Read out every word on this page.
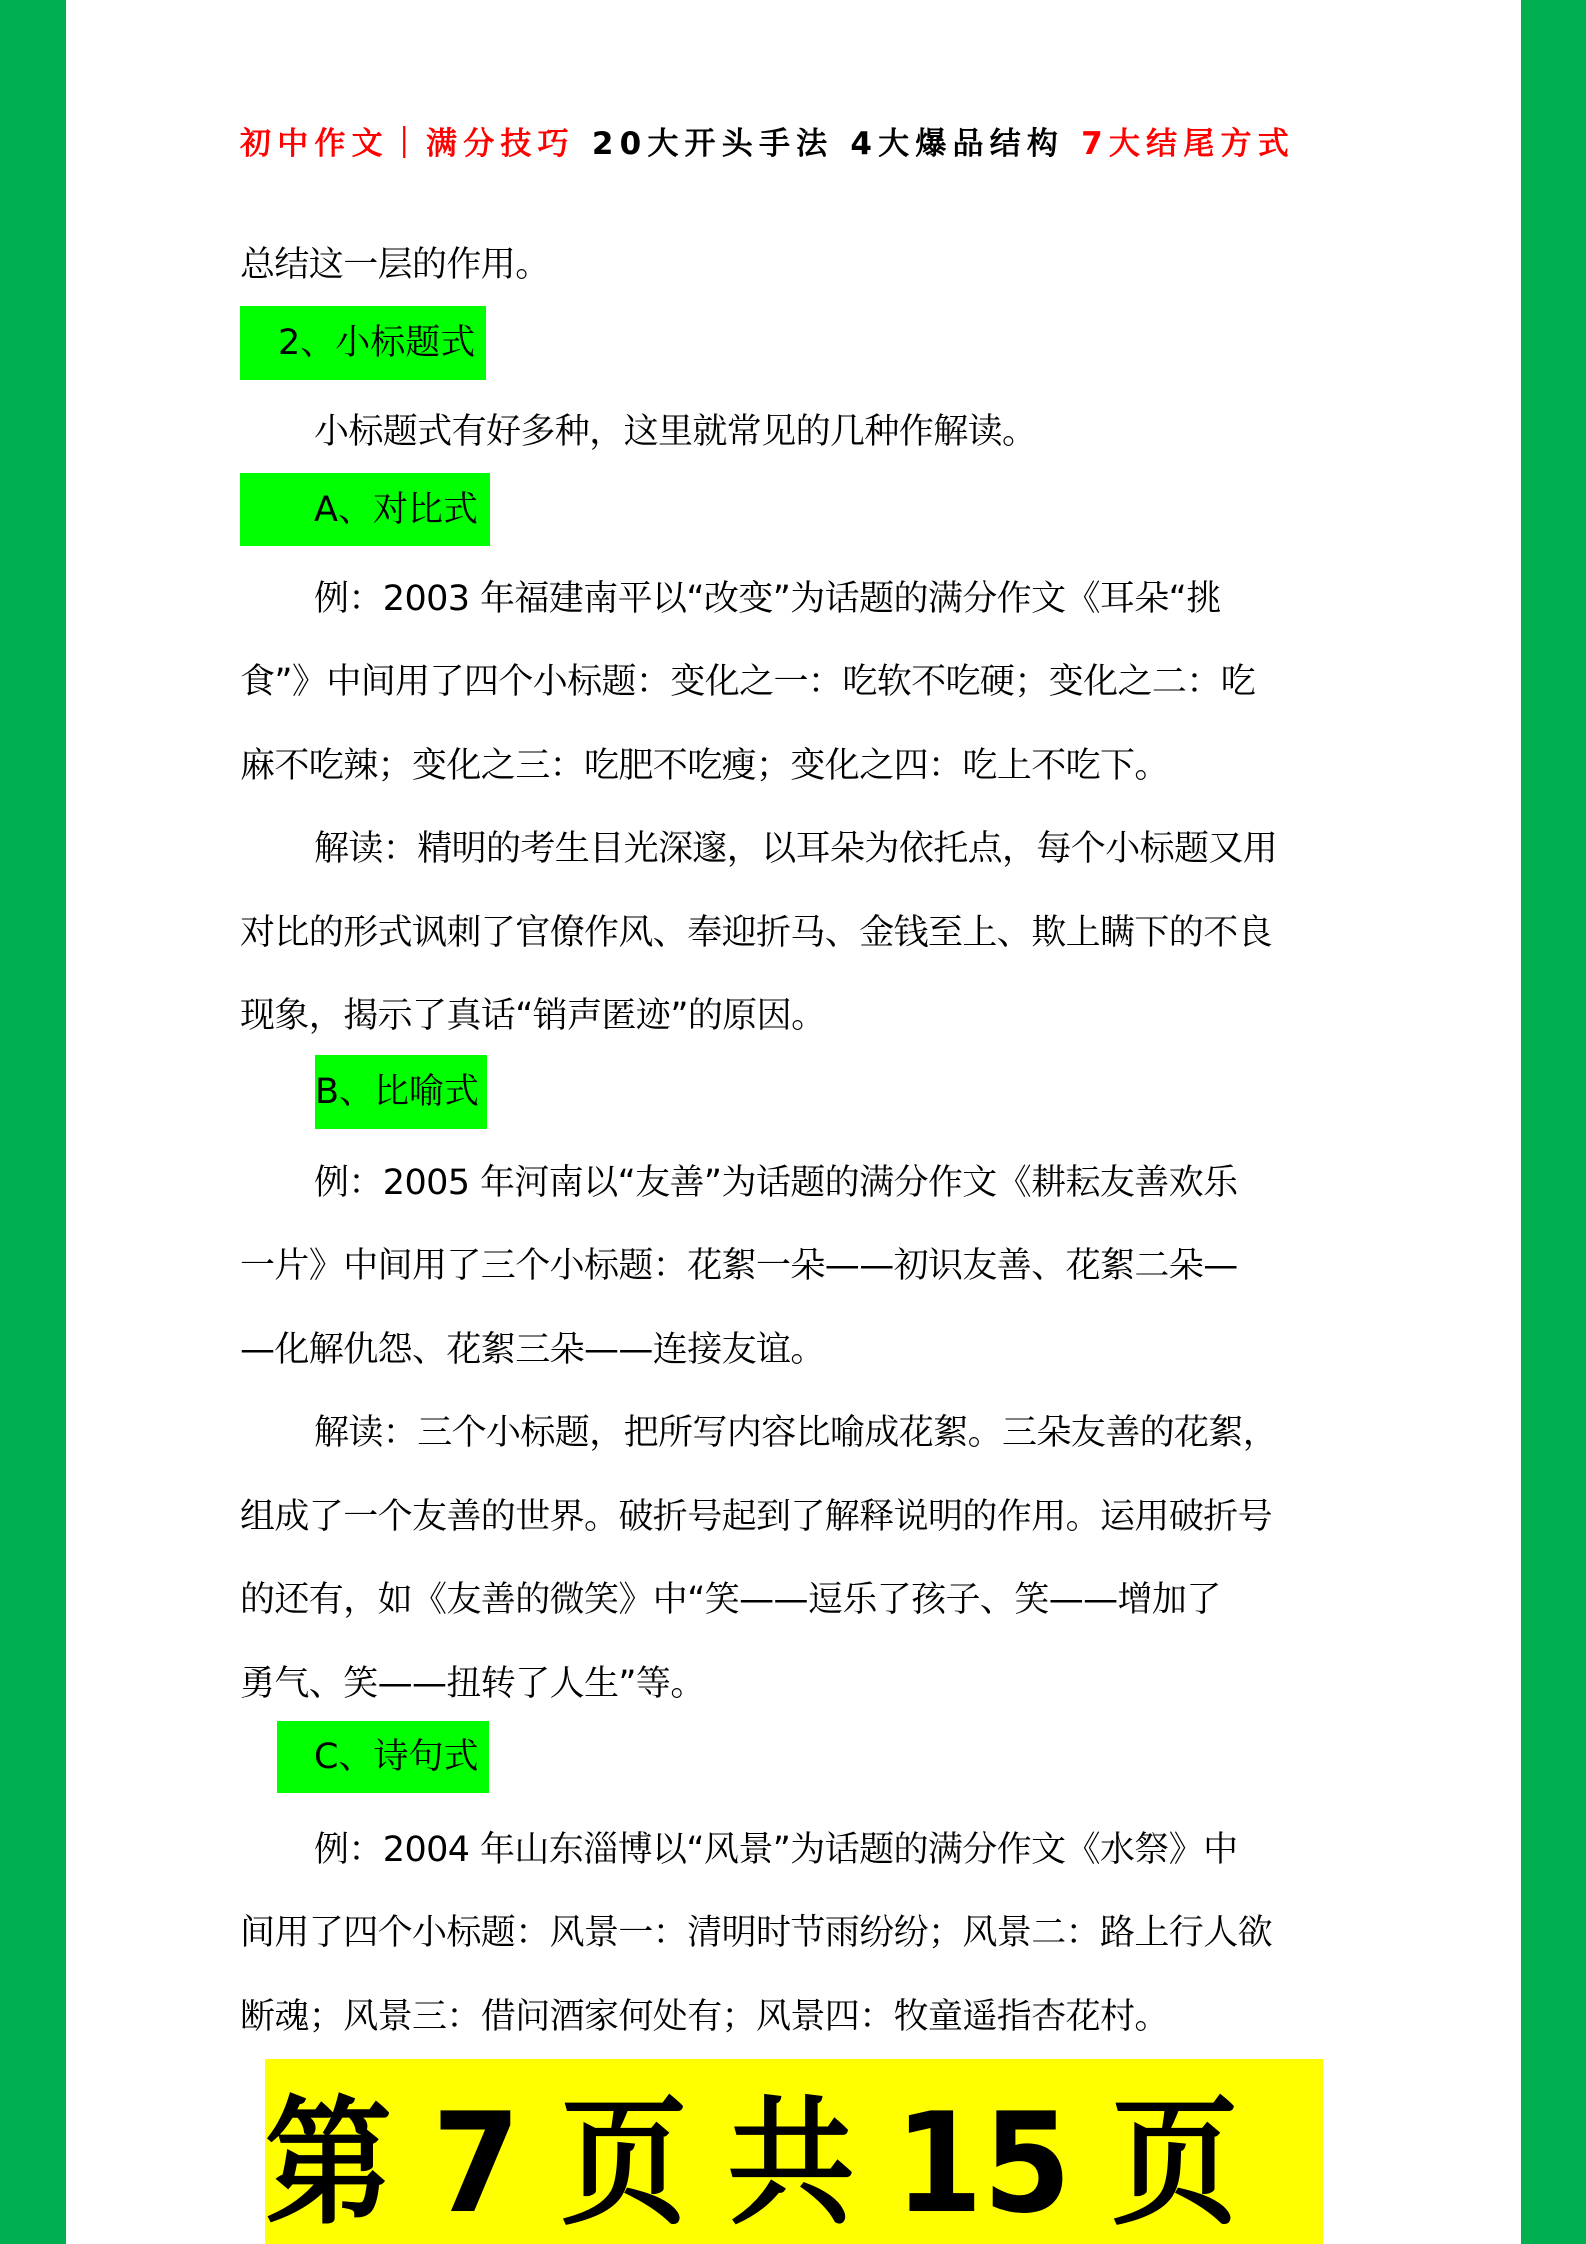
初中作文｜满分技巧 20大开头手法 4大爆品结构 7大结尾方式
总结这一层的作用。
2、小标题式
小标题式有好多种，这里就常见的几种作解读。
A、对比式
例：2003 年福建南平以“改变”为话题的满分作文《耳朵“挑
食”》中间用了四个小标题：变化之一：吃软不吃硬；变化之二：吃
麻不吃辣；变化之三：吃肥不吃瘦；变化之四：吃上不吃下。
解读：精明的考生目光深邃，以耳朵为依托点，每个小标题又用
对比的形式讽刺了官僚作风、奉迎折马、金钱至上、欺上瞒下的不良
现象，揭示了真话“销声匿迹”的原因。
B、比喻式
例：2005 年河南以“友善”为话题的满分作文《耕耘友善欢乐
一片》中间用了三个小标题：花絮一朵——初识友善、花絮二朵—
—化解仇怨、花絮三朵——连接友谊。
解读：三个小标题，把所写内容比喻成花絮。三朵友善的花絮，
组成了一个友善的世界。破折号起到了解释说明的作用。运用破折号
的还有，如《友善的微笑》中“笑——逗乐了孩子、笑——增加了
勇气、笑——扭转了人生”等。
C、诗句式
例：2004 年山东淄博以“风景”为话题的满分作文《水祭》中
间用了四个小标题：风景一：清明时节雨纷纷；风景二：路上行人欲
断魂；风景三：借问酒家何处有；风景四：牧童遥指杏花村。
第 7 页 共 15 页
